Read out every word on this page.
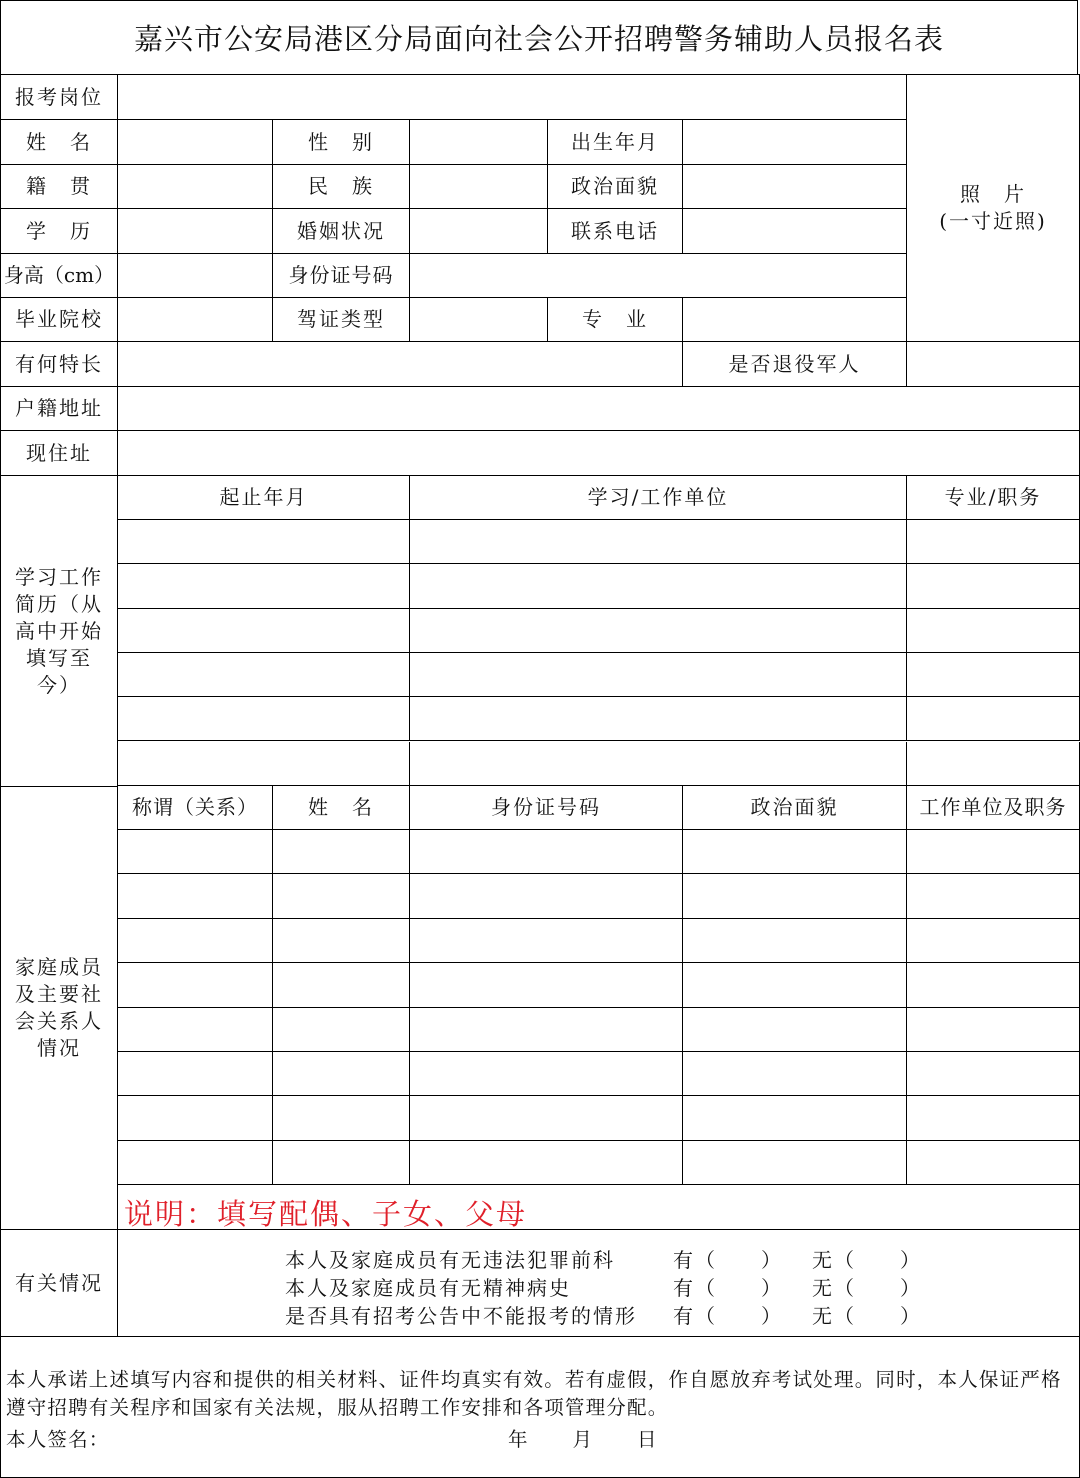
嘉兴市公安局港区分局面向社会公开招聘警务辅助人员报名表
报考岗位
照　片
(一寸近照)
姓　名	性　别	出生年月
籍　贯	民　族	政治面貌
学　历	婚姻状况	联系电话
身高（cm）	身份证号码
毕业院校	驾证类型	专　业
有何特长	是否退役军人
户籍地址
现住址
学习工作简历（从高中开始填写至今）
起止年月	学习/工作单位	专业/职务
家庭成员及主要社会关系人情况
称谓（关系）	姓　名	身份证号码	政治面貌	工作单位及职务
有关情况
说明：填写配偶、子女、父母
本人及家庭成员有无违法犯罪前科	有（　　） 无（　　）
本人及家庭成员有无精神病史	有（　　） 无（　　）
是否具有招考公告中不能报考的情形 有（　　） 无（　　）
本人承诺上述填写内容和提供的相关材料、证件均真实有效。若有虚假，作自愿放弃考试处理。同时，本人保证严格遵守招聘有关程序和国家有关法规，服从招聘工作安排和各项管理分配。
本人签名：	年　　月　　日
